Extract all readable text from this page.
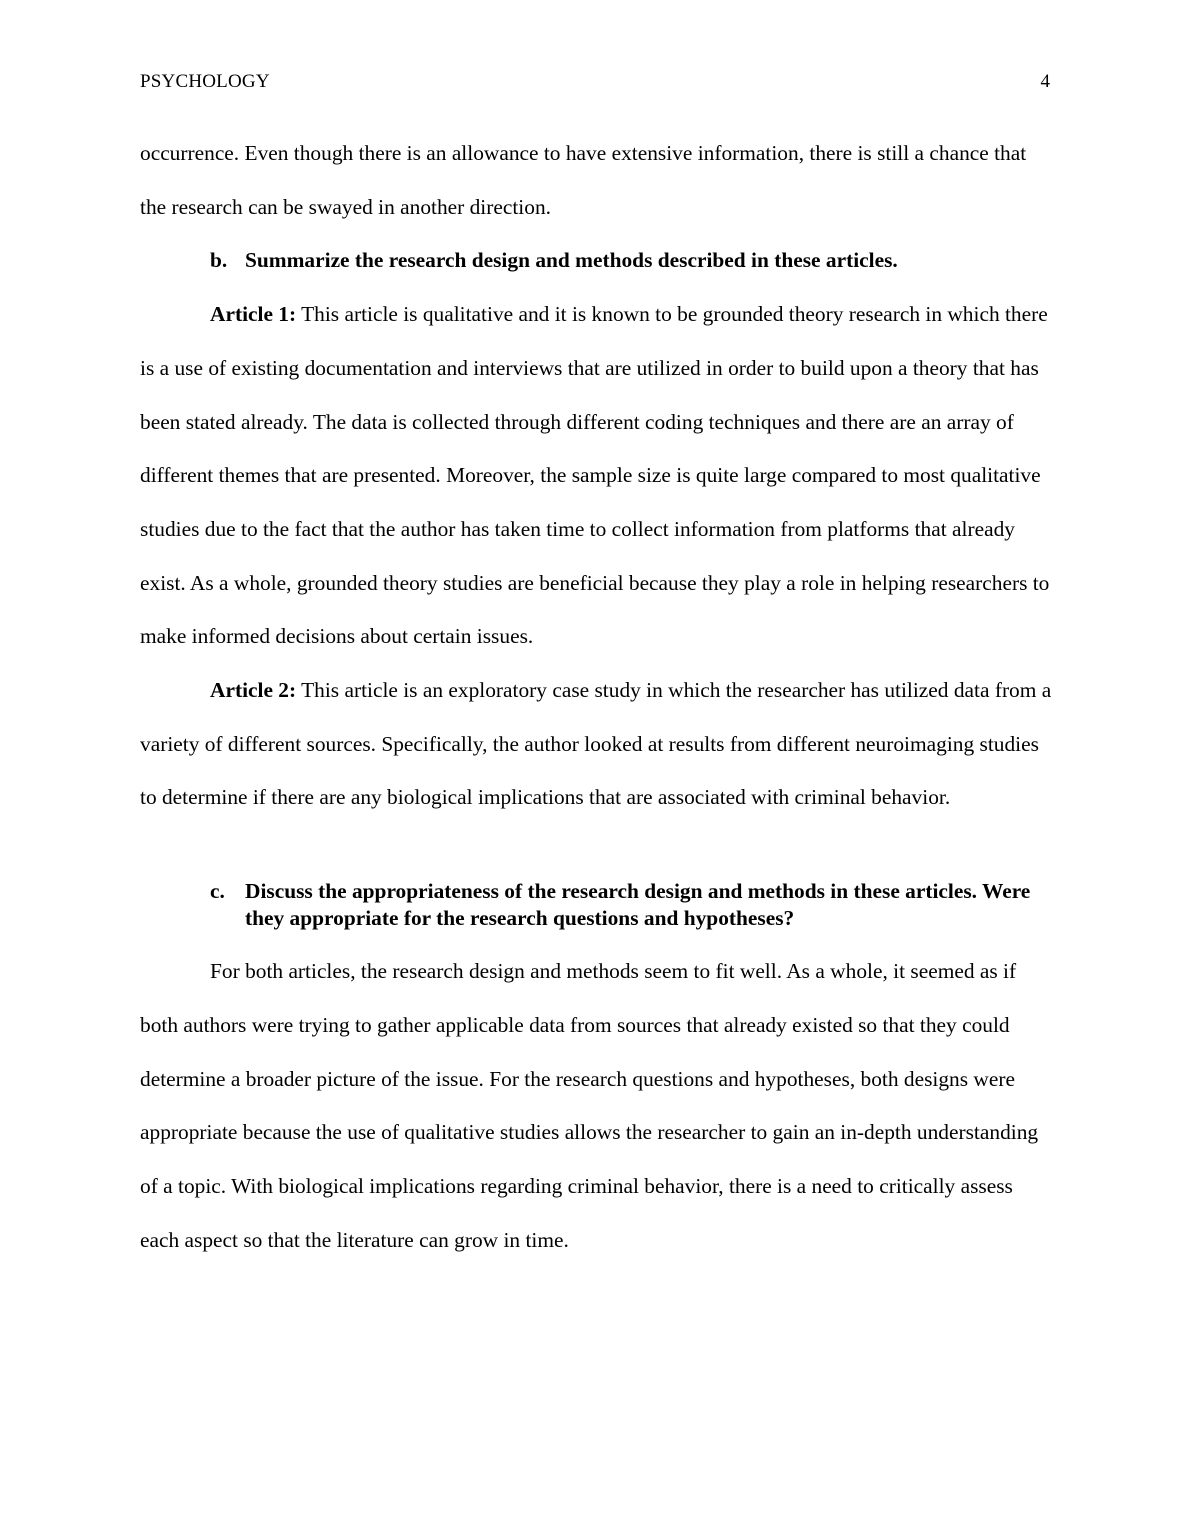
PSYCHOLOGY	4

occurrence. Even though there is an allowance to have extensive information, there is still a chance that the research can be swayed in another direction.

b. Summarize the research design and methods described in these articles.

Article 1: This article is qualitative and it is known to be grounded theory research in which there is a use of existing documentation and interviews that are utilized in order to build upon a theory that has been stated already. The data is collected through different coding techniques and there are an array of different themes that are presented. Moreover, the sample size is quite large compared to most qualitative studies due to the fact that the author has taken time to collect information from platforms that already exist. As a whole, grounded theory studies are beneficial because they play a role in helping researchers to make informed decisions about certain issues.

Article 2: This article is an exploratory case study in which the researcher has utilized data from a variety of different sources. Specifically, the author looked at results from different neuroimaging studies to determine if there are any biological implications that are associated with criminal behavior.

c. Discuss the appropriateness of the research design and methods in these articles. Were they appropriate for the research questions and hypotheses?

For both articles, the research design and methods seem to fit well. As a whole, it seemed as if both authors were trying to gather applicable data from sources that already existed so that they could determine a broader picture of the issue. For the research questions and hypotheses, both designs were appropriate because the use of qualitative studies allows the researcher to gain an in-depth understanding of a topic. With biological implications regarding criminal behavior, there is a need to critically assess each aspect so that the literature can grow in time.
